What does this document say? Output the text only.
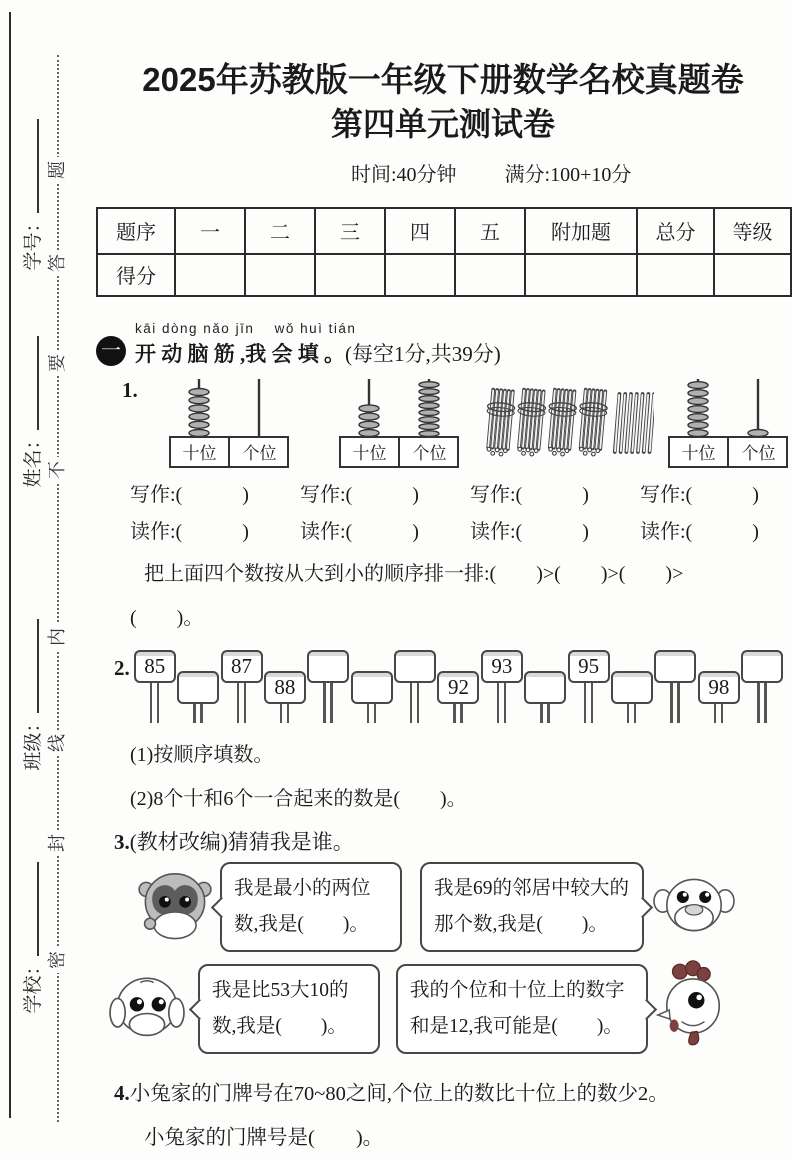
学号：
姓名：
班级：
学校：
题
答
要
不
内
线
封
密
2025年苏教版一年级下册数学名校真题卷
第四单元测试卷
时间:40分钟 满分:100+10分
题序	一	二	三	四	五	附加题	总分	等级
得分								
一
kāi dòng nǎo jīn　 wǒ huì tián
开 动 脑 筋 ,我 会 填 。(每空1分,共39分)
1.
十位 个位	十位 个位	十位 个位
写作:(　　　)	写作:(　　　)	写作:(　　　)	写作:(　　　)
读作:(　　　)	读作:(　　　)	读作:(　　　)	读作:(　　　)
把上面四个数按从大到小的顺序排一排:(　　)>(　　)>(　　)>
(　　)。
2. 85	87
88	92
93	95
98
(1)按顺序填数。
(2)8个十和6个一合起来的数是(　　)。
3.(教材改编)猜猜我是谁。
我是最小的两位数,我是(　　)。
我是69的邻居中较大的那个数,我是(　　)。
我是比53大10的数,我是(　　)。
我的个位和十位上的数字和是12,我可能是(　　)。
4.小兔家的门牌号在70~80之间,个位上的数比十位上的数少2。
小兔家的门牌号是(　　)。
